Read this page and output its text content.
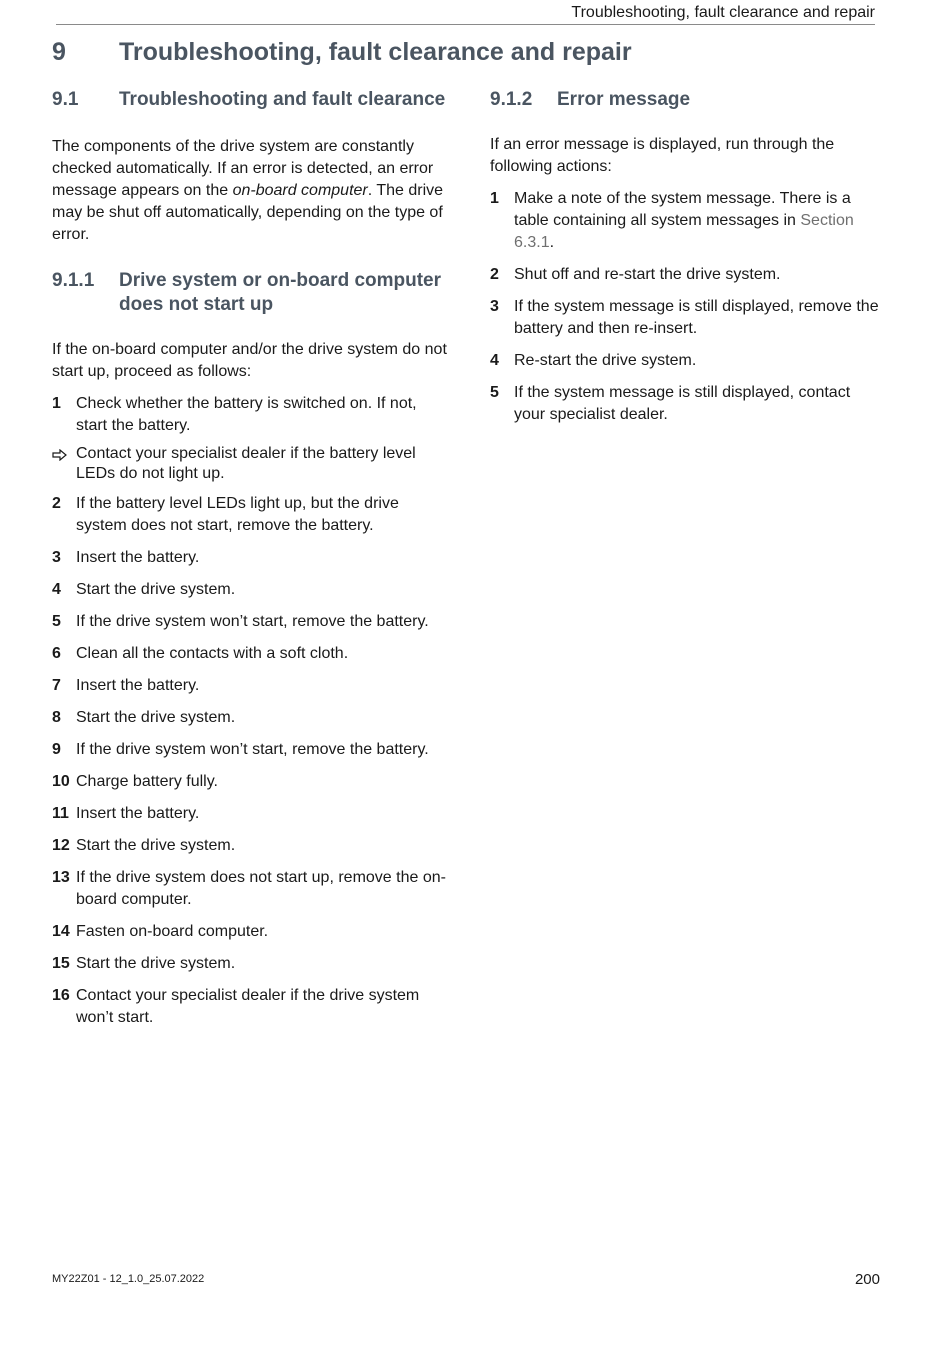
Troubleshooting, fault clearance and repair
9 Troubleshooting, fault clearance and repair
9.1	Troubleshooting and fault clearance

The components of the drive system are constantly checked automatically. If an error is detected, an error message appears on the on-board computer. The drive may be shut off automatically, depending on the type of error.

9.1.1	Drive system or on-board computer does not start up

If the on-board computer and/or the drive system do not start up, proceed as follows:

1 Check whether the battery is switched on. If not, start the battery.
Contact your specialist dealer if the battery level LEDs do not light up.
2 If the battery level LEDs light up, but the drive system does not start, remove the battery.
3 Insert the battery.
4 Start the drive system.
5 If the drive system won’t start, remove the battery.
6 Clean all the contacts with a soft cloth.
7 Insert the battery.
8 Start the drive system.
9 If the drive system won’t start, remove the battery.
10 Charge battery fully.
11 Insert the battery.
12 Start the drive system.
13 If the drive system does not start up, remove the on-board computer.
14 Fasten on-board computer.
15 Start the drive system.
16 Contact your specialist dealer if the drive system won’t start.
9.1.2	Error message

If an error message is displayed, run through the following actions:

1 Make a note of the system message. There is a table containing all system messages in Section 6.3.1.
2 Shut off and re-start the drive system.
3 If the system message is still displayed, remove the battery and then re-insert.
4 Re-start the drive system.
5 If the system message is still displayed, contact your specialist dealer.
MY22Z01 - 12_1.0_25.07.2022	200
